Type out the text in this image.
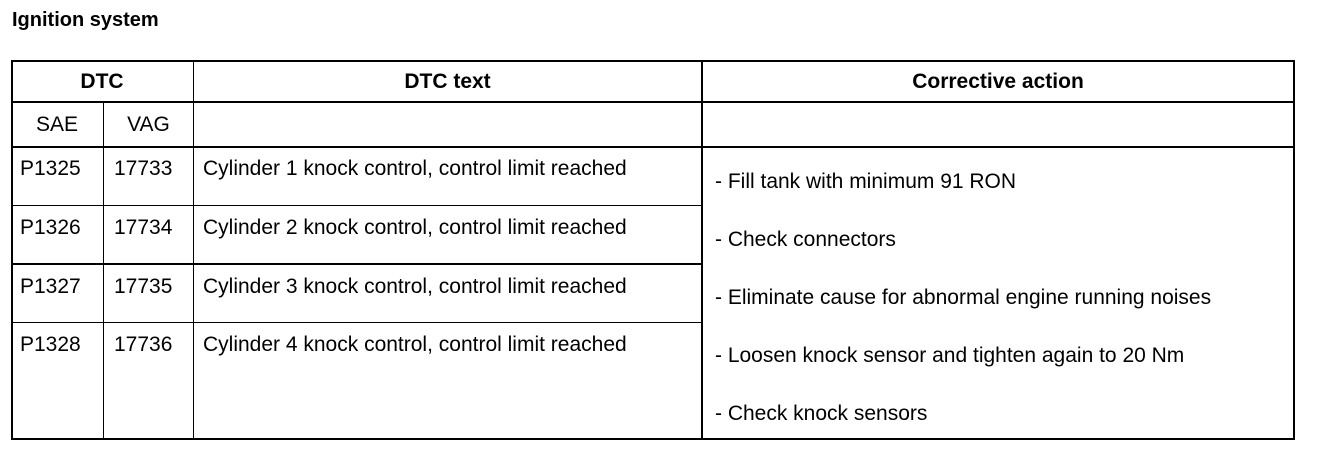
Ignition system
DTC	DTC text	Corrective action
SAE	VAG
P1325 17733 Cylinder 1 knock control, control limit reached
P1326 17734 Cylinder 2 knock control, control limit reached
P1327 17735 Cylinder 3 knock control, control limit reached
P1328 17736 Cylinder 4 knock control, control limit reached
- Fill tank with minimum 91 RON
- Check connectors
- Eliminate cause for abnormal engine running noises
- Loosen knock sensor and tighten again to 20 Nm
- Check knock sensors
